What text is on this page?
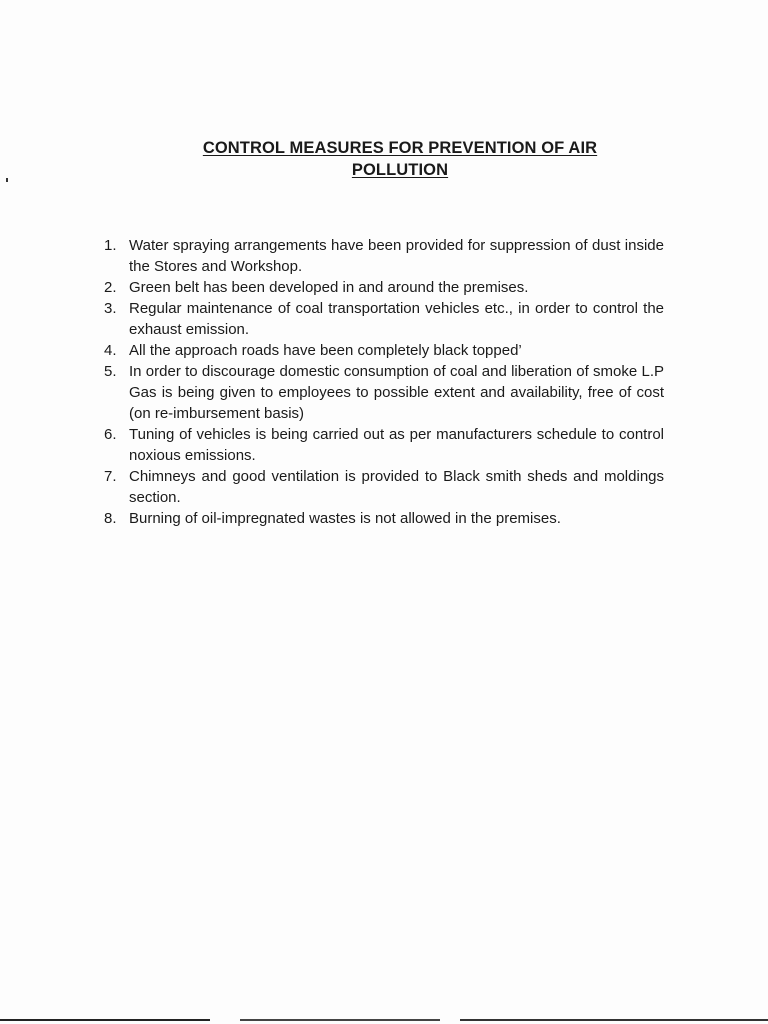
CONTROL MEASURES FOR PREVENTION OF AIR
POLLUTION
1. Water spraying arrangements have been provided for suppression of dust inside the Stores and Workshop.
2. Green belt has been developed in and around the premises.
3. Regular maintenance of coal transportation vehicles etc., in order to control the exhaust emission.
4. All the approach roads have been completely black topped’
5. In order to discourage domestic consumption of coal and liberation of smoke L.P Gas is being given to employees to possible extent and availability, free of cost (on re-imbursement basis)
6. Tuning of vehicles is being carried out as per manufacturers schedule to control noxious emissions.
7. Chimneys and good ventilation is provided to Black smith sheds and moldings section.
8. Burning of oil-impregnated wastes is not allowed in the premises.
